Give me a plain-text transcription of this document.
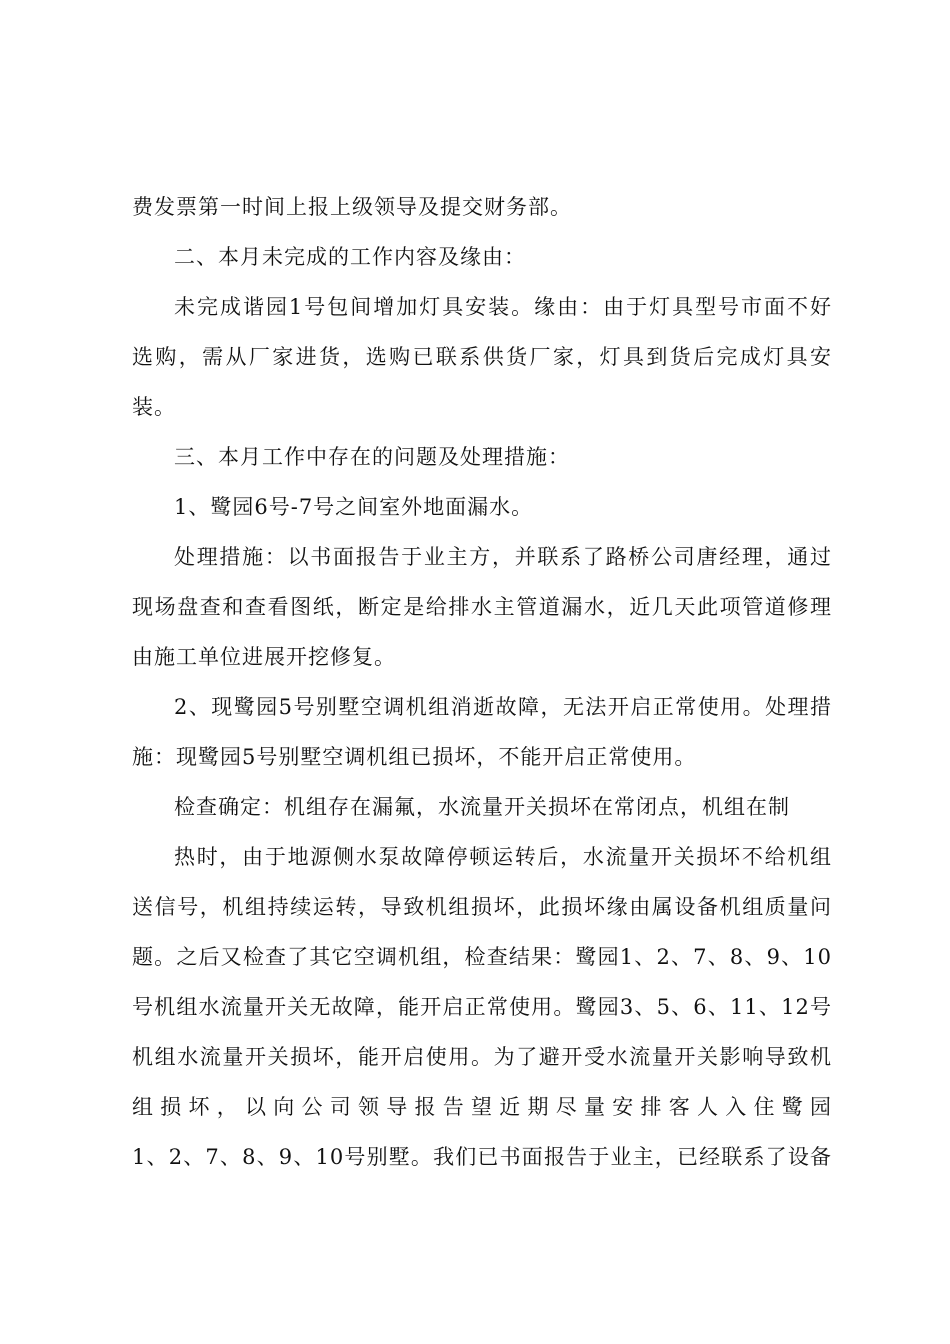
费发票第一时间上报上级领导及提交财务部。
二、本月未完成的工作内容及缘由：
未完成谐园1号包间增加灯具安装。缘由：由于灯具型号市面不好
选购，需从厂家进货，选购已联系供货厂家，灯具到货后完成灯具安
装。
三、本月工作中存在的问题及处理措施：
1、鹭园6号-7号之间室外地面漏水。
处理措施：以书面报告于业主方，并联系了路桥公司唐经理，通过
现场盘查和查看图纸，断定是给排水主管道漏水，近几天此项管道修理
由施工单位进展开挖修复。
2、现鹭园5号别墅空调机组消逝故障，无法开启正常使用。处理措
施：现鹭园5号别墅空调机组已损坏，不能开启正常使用。
检查确定：机组存在漏氟，水流量开关损坏在常闭点，机组在制
热时，由于地源侧水泵故障停顿运转后，水流量开关损坏不给机组
送信号，机组持续运转，导致机组损坏，此损坏缘由属设备机组质量问
题。之后又检查了其它空调机组，检查结果：鹭园1、2、7、8、9、10
号机组水流量开关无故障，能开启正常使用。鹭园3、5、6、11、12号
机组水流量开关损坏，能开启使用。为了避开受水流量开关影响导致机
组损坏，以向公司领导报告望近期尽量安排客人入住鹭园
1、2、7、8、9、10号别墅。我们已书面报告于业主，已经联系了设备
